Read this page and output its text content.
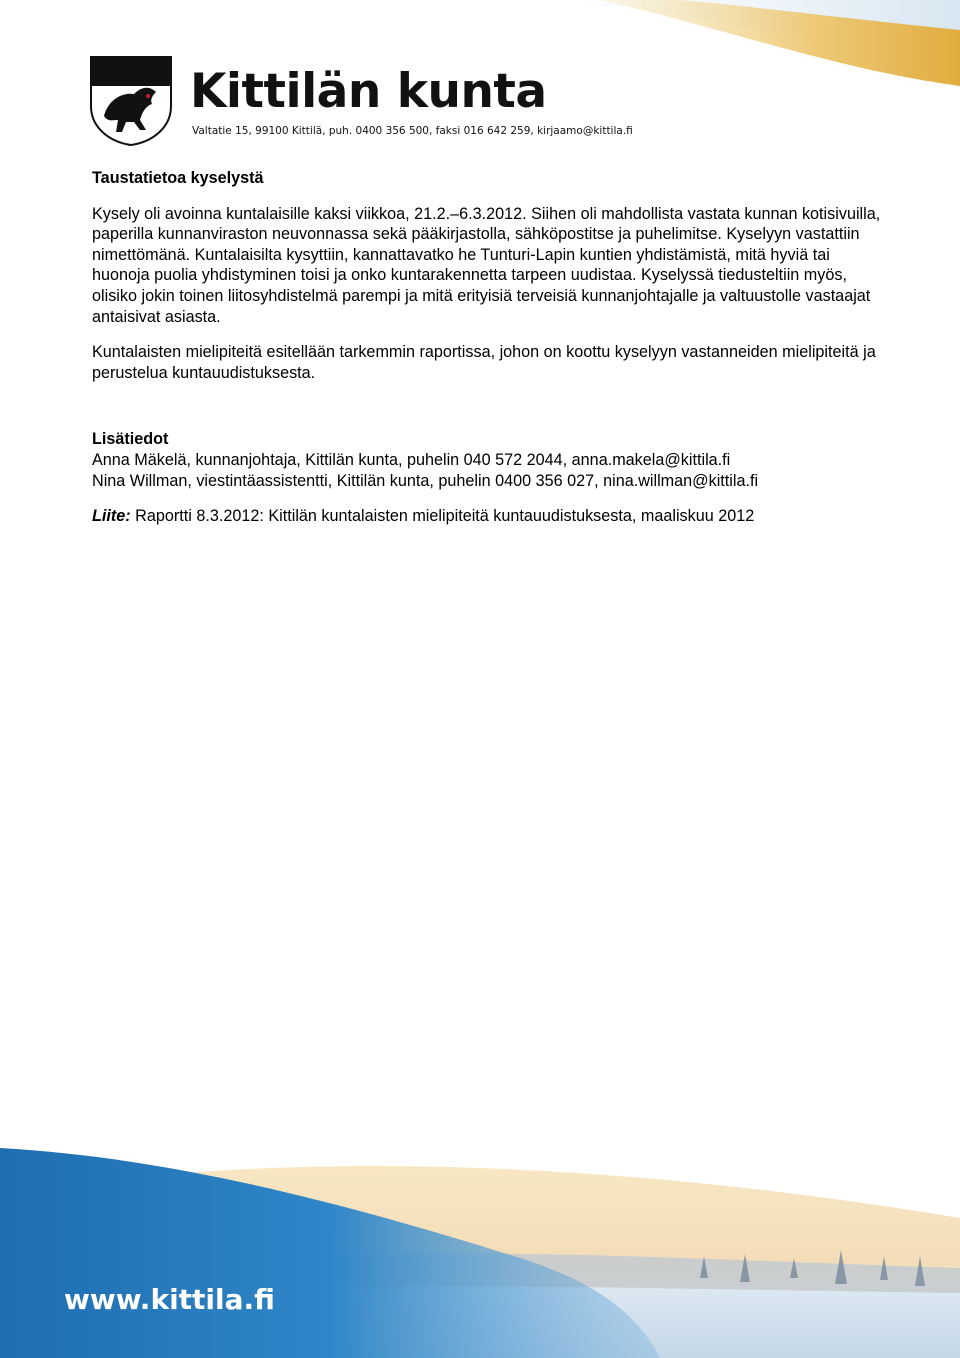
Kittilän kunta
Valtatie 15, 99100 Kittilä, puh. 0400 356 500, faksi 016 642 259, kirjaamo@kittila.fi

Taustatietoa kyselystä

Kysely oli avoinna kuntalaisille kaksi viikkoa, 21.2.–6.3.2012. Siihen oli mahdollista vastata kunnan kotisivuilla, paperilla kunnanviraston neuvonnassa sekä pääkirjastolla, sähköpostitse ja puhelimitse. Kyselyyn vastattiin nimettömänä. Kuntalaisilta kysyttiin, kannattavatko he Tunturi-Lapin kuntien yhdistämistä, mitä hyviä tai huonoja puolia yhdistyminen toisi ja onko kuntarakennetta tarpeen uudistaa. Kyselyssä tiedusteltiin myös, olisiko jokin toinen liitosyhdistelmä parempi ja mitä erityisiä terveisiä kunnanjohtajalle ja valtuustolle vastaajat antaisivat asiasta.

Kuntalaisten mielipiteitä esitellään tarkemmin raportissa, johon on koottu kyselyyn vastanneiden mielipiteitä ja perustelua kuntauudistuksesta.

Lisätiedot

Anna Mäkelä, kunnanjohtaja, Kittilän kunta, puhelin 040 572 2044, anna.makela@kittila.fi

Nina Willman, viestintäassistentti, Kittilän kunta, puhelin 0400 356 027, nina.willman@kittila.fi

Liite: Raportti 8.3.2012: Kittilän kuntalaisten mielipiteitä kuntauudistuksesta, maaliskuu 2012

www.kittila.fi
